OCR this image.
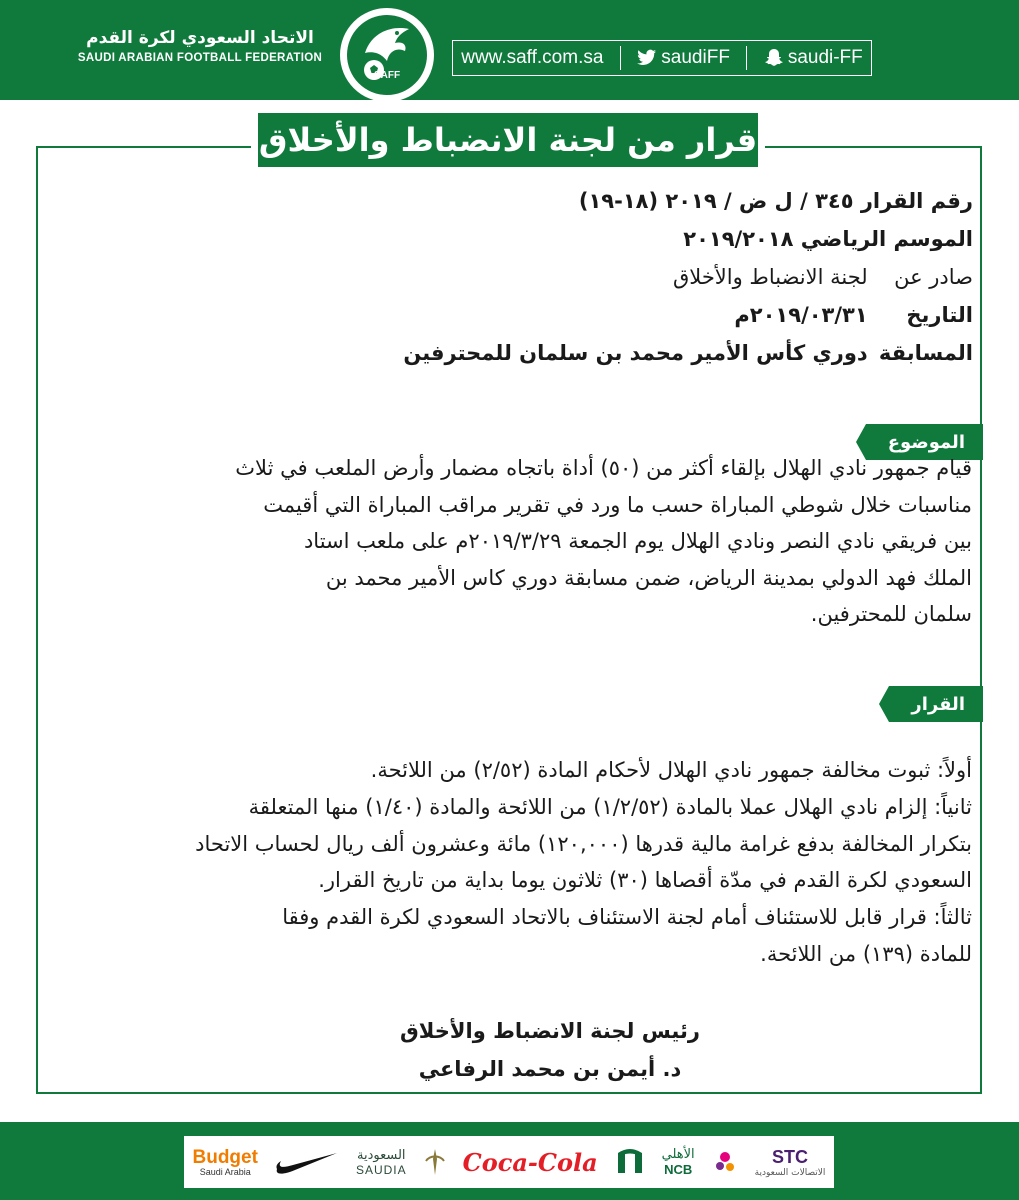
الاتحاد السعودي لكرة القدم
SAUDI ARABIAN FOOTBALL FEDERATION
SAFF
www.saff.com.sa	saudiFF	saudi-FF
قرار من لجنة الانضباط والأخلاق
رقم القرار ٣٤٥ / ل ض / ٢٠١٩ (١٨-١٩)
الموسم الرياضي ٢٠١٩/٢٠١٨
صادر عن لجنة الانضباط والأخلاق
التاريخ ٢٠١٩/٠٣/٣١م
المسابقة دوري كأس الأمير محمد بن سلمان للمحترفين
الموضوع
قيام جمهور نادي الهلال بإلقاء أكثر من (٥٠) أداة باتجاه مضمار وأرض الملعب في ثلاث
مناسبات خلال شوطي المباراة حسب ما ورد في تقرير مراقب المباراة التي أقيمت
بين فريقي نادي النصر ونادي الهلال يوم الجمعة ٢٠١٩/٣/٢٩م على ملعب استاد
الملك فهد الدولي بمدينة الرياض، ضمن مسابقة دوري كاس الأمير محمد بن
سلمان للمحترفين.
القرار
أولاً: ثبوت مخالفة جمهور نادي الهلال لأحكام المادة (٢/٥٢) من اللائحة.
ثانياً: إلزام نادي الهلال عملا بالمادة (١/٢/٥٢) من اللائحة والمادة (١/٤٠) منها المتعلقة
بتكرار المخالفة بدفع غرامة مالية قدرها (١٢٠,٠٠٠) مائة وعشرون ألف ريال لحساب الاتحاد
السعودي لكرة القدم في مدّة أقصاها (٣٠) ثلاثون يوما بداية من تاريخ القرار.
ثالثاً: قرار قابل للاستئناف أمام لجنة الاستئناف بالاتحاد السعودي لكرة القدم وفقا
للمادة (١٣٩) من اللائحة.
رئيس لجنة الانضباط والأخلاق
د. أيمن بن محمد الرفاعي
Budget
Saudi Arabia
السعودية
SAUDIA Coca-Cola	الأهلي
NCB
STC
الاتصالات السعودية
